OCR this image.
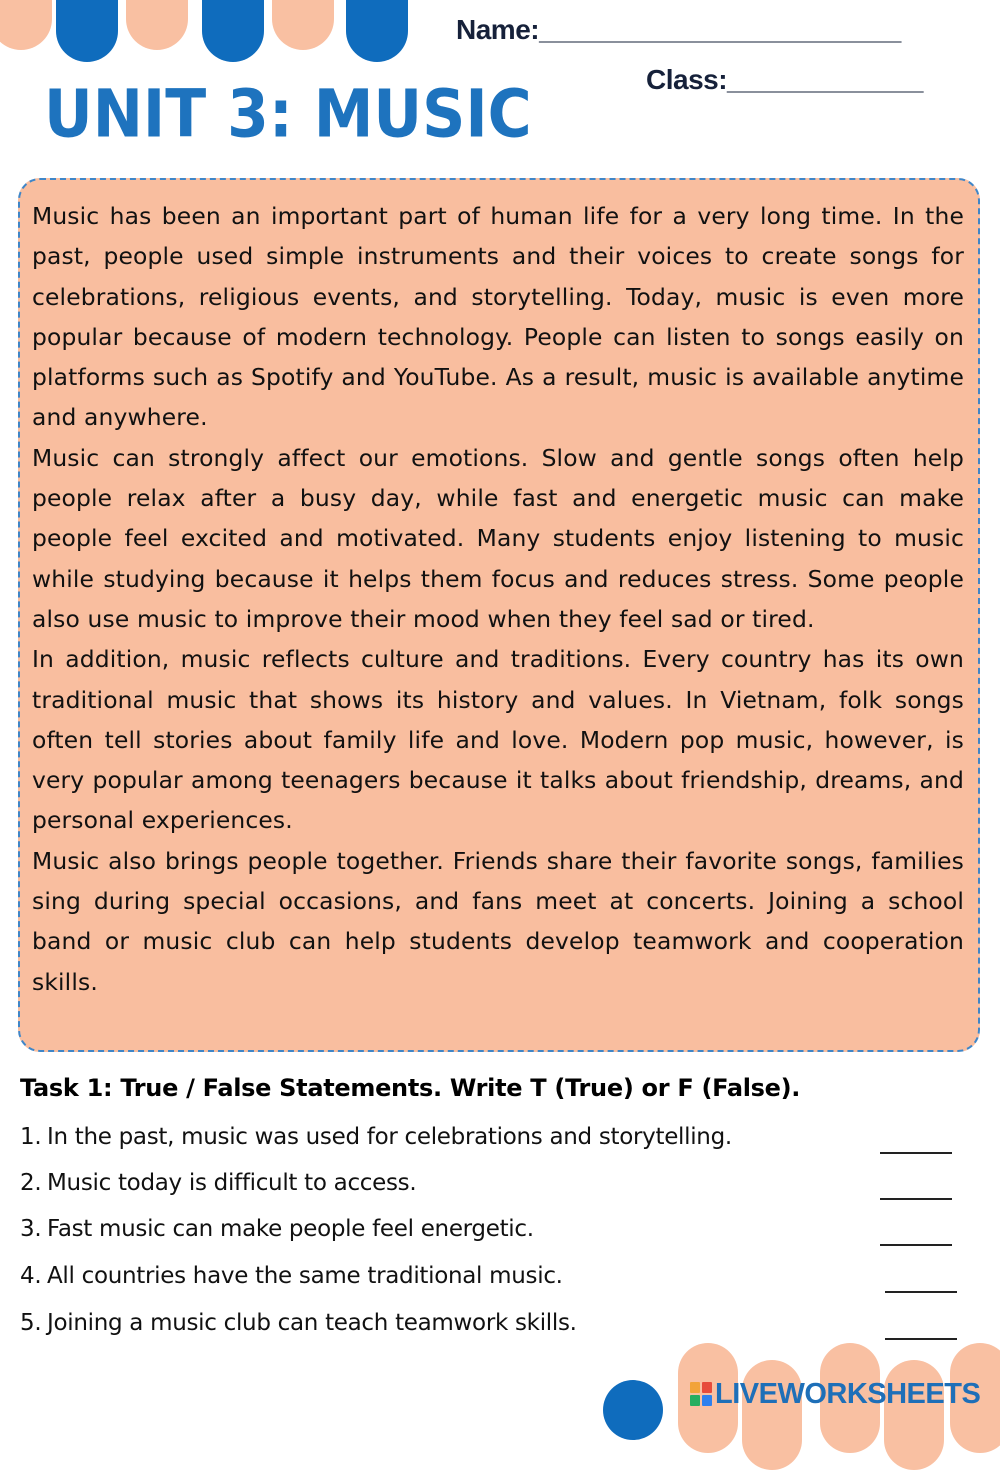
Name:________________________
Class:_____________
UNIT 3: MUSIC

Music has been an important part of human life for a very long time. In the past, people used simple instruments and their voices to create songs for celebrations, religious events, and storytelling. Today, music is even more popular because of modern technology. People can listen to songs easily on platforms such as Spotify and YouTube. As a result, music is available anytime and anywhere.

Music can strongly affect our emotions. Slow and gentle songs often help people relax after a busy day, while fast and energetic music can make people feel excited and motivated. Many students enjoy listening to music while studying because it helps them focus and reduces stress. Some people also use music to improve their mood when they feel sad or tired.

In addition, music reflects culture and traditions. Every country has its own traditional music that shows its history and values. In Vietnam, folk songs often tell stories about family life and love. Modern pop music, however, is very popular among teenagers because it talks about friendship, dreams, and personal experiences.

Music also brings people together. Friends share their favorite songs, families sing during special occasions, and fans meet at concerts. Joining a school band or music club can help students develop teamwork and cooperation skills.

Task 1: True / False Statements. Write T (True) or F (False).
1. In the past, music was used for celebrations and storytelling.
2. Music today is difficult to access.
3. Fast music can make people feel energetic.
4. All countries have the same traditional music.
5. Joining a music club can teach teamwork skills.
LIVEWORKSHEETS
